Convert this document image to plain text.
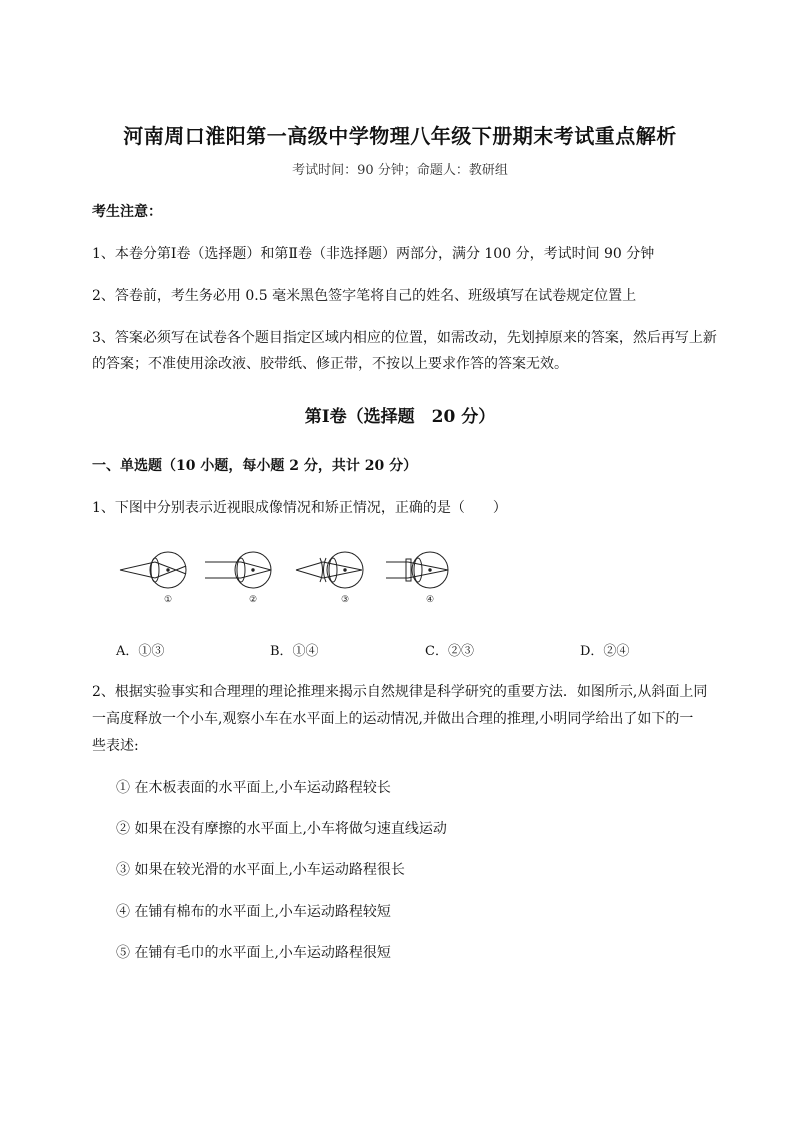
河南周口淮阳第一高级中学物理八年级下册期末考试重点解析
考试时间：90 分钟；命题人：教研组
考生注意：
1、本卷分第Ⅰ卷（选择题）和第Ⅱ卷（非选择题）两部分，满分 100 分，考试时间 90 分钟
2、答卷前，考生务必用 0.5 毫米黑色签字笔将自己的姓名、班级填写在试卷规定位置上
3、答案必须写在试卷各个题目指定区域内相应的位置，如需改动，先划掉原来的答案，然后再写上新
的答案；不准使用涂改液、胶带纸、修正带，不按以上要求作答的答案无效。
第Ⅰ卷（选择题　20 分）
一、单选题（10 小题，每小题 2 分，共计 20 分）
1、下图中分别表示近视眼成像情况和矫正情况，正确的是（　　）
①	②	③	④
A．①③	B．①④	C．②③	D．②④
2、根据实验事实和合理理的理论推理来揭示自然规律是科学研究的重要方法．如图所示,从斜面上同
一高度释放一个小车,观察小车在水平面上的运动情况,并做出合理的推理,小明同学给出了如下的一
些表述:
① 在木板表面的水平面上,小车运动路程较长
② 如果在没有摩擦的水平面上,小车将做匀速直线运动
③ 如果在较光滑的水平面上,小车运动路程很长
④ 在铺有棉布的水平面上,小车运动路程较短
⑤ 在铺有毛巾的水平面上,小车运动路程很短
